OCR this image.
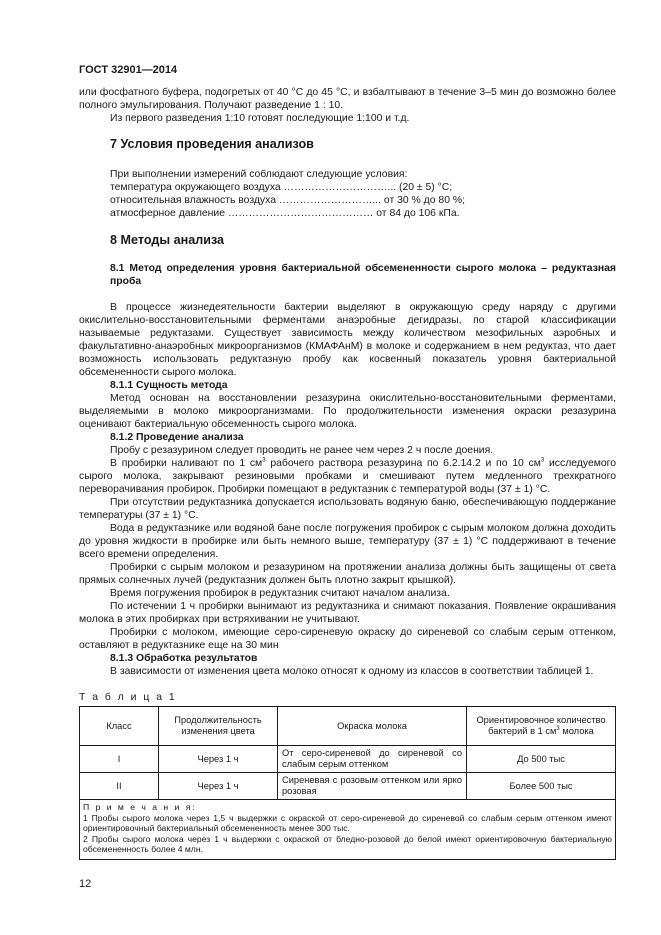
ГОСТ 32901—2014

или фосфатного буфера, подогретых от 40 °С до 45 °С, и взбалтывают в течение 3–5 мин до возможно более полного эмульгирования. Получают разведение 1 : 10.

Из первого разведения 1:10 готовят последующие 1:100 и т.д.

7 Условия проведения анализов

При выполнении измерений соблюдают следующие условия:

температура окружающего воздуха …………………………... (20 ± 5) °С;
относительная влажность воздуха ………………………... от 30 % до 80 %;
атмосферное давление …………………………………… от 84 до 106 кПа.
8 Методы анализа
8.1 Метод определения уровня бактериальной обсемененности сырого молока – редуктазная проба

В процессе жизнедеятельности бактерии выделяют в окружающую среду наряду с другими окислительно-восстановительными ферментами анаэробные дегидразы, по старой классификации называемые редуктазами. Существует зависимость между количеством мезофильных аэробных и факультативно-анаэробных микроорганизмов (КМАФАнМ) в молоке и содержанием в нем редуктаз, что дает возможность использовать редуктазную пробу как косвенный показатель уровня бактериальной обсемененности сырого молока.

8.1.1 Сущность метода

Метод основан на восстановлении резазурина окислительно-восстановительными ферментами, выделяемыми в молоко микроорганизмами. По продолжительности изменения окраски резазурина оценивают бактериальную обсеменность сырого молока.

8.1.2 Проведение анализа

Пробу с резазурином следует проводить не ранее чем через 2 ч после доения.

В пробирки наливают по 1 $см^3$ рабочего раствора резазурина по 6.2.14.2 и по 10 $см^3$ исследуемого сырого молока, закрывают резиновыми пробками и смешивают путем медленного трехкратного переворачивания пробирок. Пробирки помещают в редуктазник с температурой воды (37 ± 1) °С.

При отсутствии редуктазника допускается использовать водяную баню, обеспечивающую поддержание температуры (37 ± 1) °С.

Вода в редуктазнике или водяной бане после погружения пробирок с сырым молоком должна доходить до уровня жидкости в пробирке или быть немного выше, температуру (37 ± 1) °С поддерживают в течение всего времени определения.

Пробирки с сырым молоком и резазурином на протяжении анализа должны быть защищены от света прямых солнечных лучей (редуктазник должен быть плотно закрыт крышкой).

Время погружения пробирок в редуктазник считают началом анализа.

По истечении 1 ч пробирки вынимают из редуктазника и снимают показания. Появление окрашивания молока в этих пробирках при встряхивании не учитывают.

Пробирки с молоком, имеющие серо-сиреневую окраску до сиреневой со слабым серым оттенком, оставляют в редуктазнике еще на 30 мин

8.1.3 Обработка результатов

В зависимости от изменения цвета молоко относят к одному из классов в соответствии таблицей 1.

Т а б л и ц а 1
Класс	Продолжительность изменения цвета	Окраска молока	Ориентировочное количество бактерий в 1 $см^3$ молока
I	Через 1 ч	От серо-сиреневой до сиреневой со слабым серым оттенком	До 500 тыс
II	Через 1 ч	Сиреневая с розовым оттенком или ярко розовая	Более 500 тыс

П р и м е ч а н и я:
1 Пробы сырого молока через 1,5 ч выдержки с окраской от серо-сиреневой до сиреневой со слабым серым оттенком имеют ориентировочный бактериальный обсемененность менее 300 тыс.
2 Пробы сырого молока через 1 ч выдержки с окраской от бледно-розовой до белой имеют ориентировочную бактериальную обсемененность более 4 млн.			
12
